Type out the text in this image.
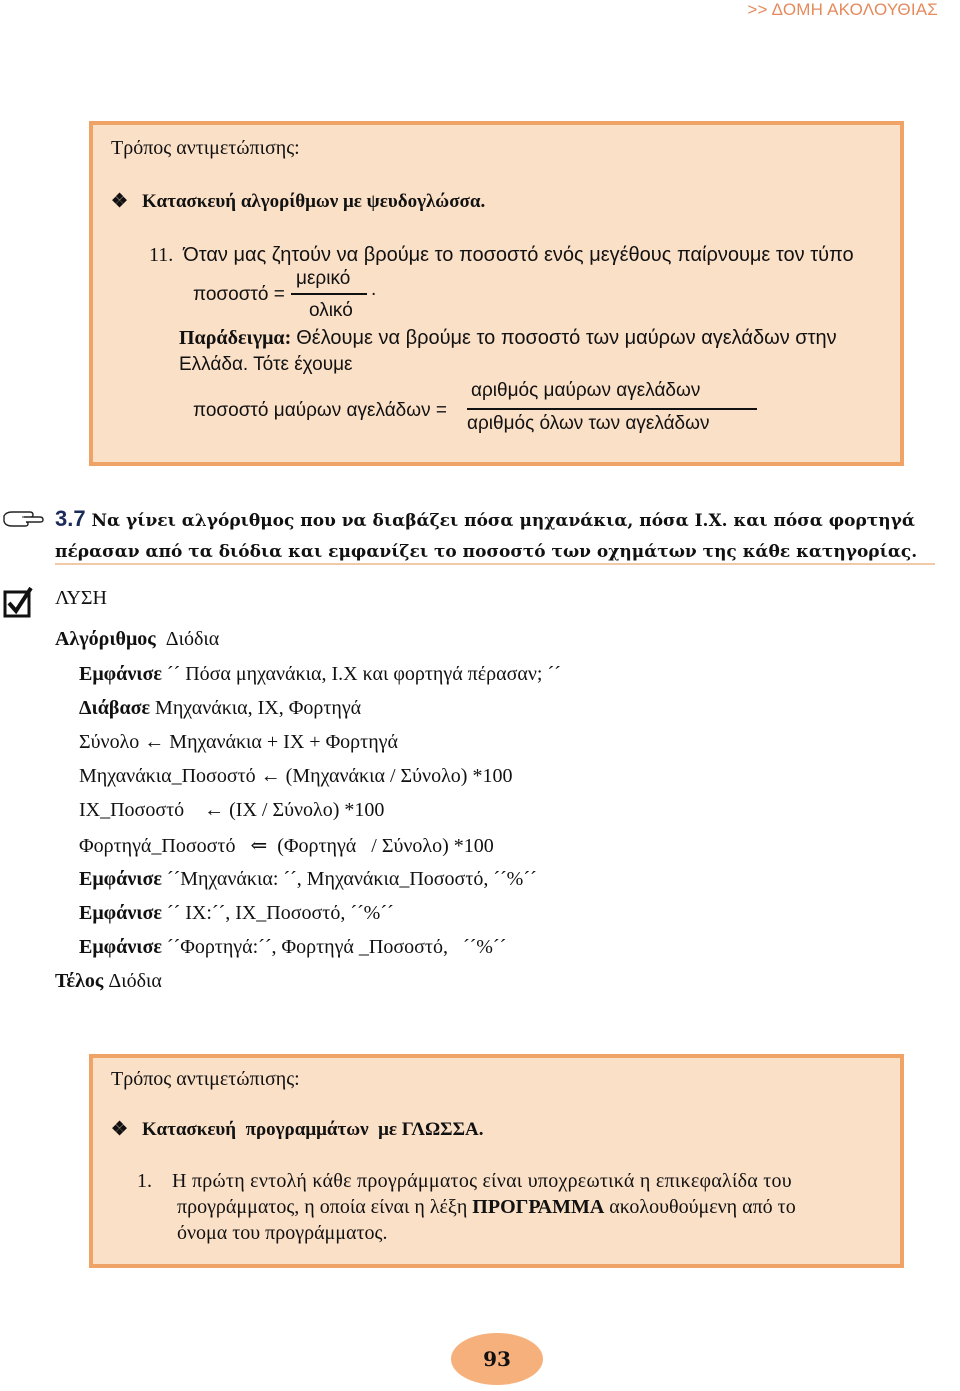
>> ΔΟΜΗ ΑΚΟΛΟΥΘΙΑΣ
Τρόπος αντιμετώπισης:
❖ Κατασκευή αλγορίθμων με ψευδογλώσσα.
11. Όταν μας ζητούν να βρούμε το ποσοστό ενός μεγέθους παίρνουμε τον τύπο
ποσοστό =
μερικό
.
ολικό
Παράδειγμα: Θέλουμε να βρούμε το ποσοστό των μαύρων αγελάδων στην
Ελλάδα. Τότε έχουμε
ποσοστό μαύρων αγελάδων =
αριθμός μαύρων αγελάδων
αριθμός όλων των αγελάδων
3.7 Να γίνει αλγόριθμος που να διαβάζει πόσα μηχανάκια, πόσα Ι.Χ. και πόσα φορτηγά
πέρασαν από τα διόδια και εμφανίζει το ποσοστό των οχημάτων της κάθε κατηγορίας.
ΛΥΣΗ
Αλγόριθμος Διόδια
Εμφάνισε ´´ Πόσα μηχανάκια, Ι.Χ και φορτηγά πέρασαν; ´´
Διάβασε Μηχανάκια, ΙΧ, Φορτηγά
Σύνολο ← Μηχανάκια + ΙΧ + Φορτηγά
Μηχανάκια_Ποσοστό ← (Μηχανάκια / Σύνολο) *100
ΙΧ_Ποσοστό    ← (ΙΧ / Σύνολο) *100
Φορτηγά_Ποσοστό   ⇐  (Φορτηγά   / Σύνολο) *100
Εμφάνισε ´´Μηχανάκια: ´´, Μηχανάκια_Ποσοστό, ´´%´´
Εμφάνισε ´´ ΙΧ:´´, ΙΧ_Ποσοστό, ´´%´´
Εμφάνισε ´´Φορτηγά:´´, Φορτηγά _Ποσοστό,   ´´%´´
Τέλος Διόδια
Τρόπος αντιμετώπισης:
❖ Κατασκευή  προγραμμάτων  με ΓΛΩΣΣΑ.
1. Η πρώτη εντολή κάθε προγράμματος είναι υποχρεωτικά η επικεφαλίδα του
προγράμματος, η οποία είναι η λέξη ΠΡΟΓΡΑΜΜΑ ακολουθούμενη από το
όνομα του προγράμματος.
93
